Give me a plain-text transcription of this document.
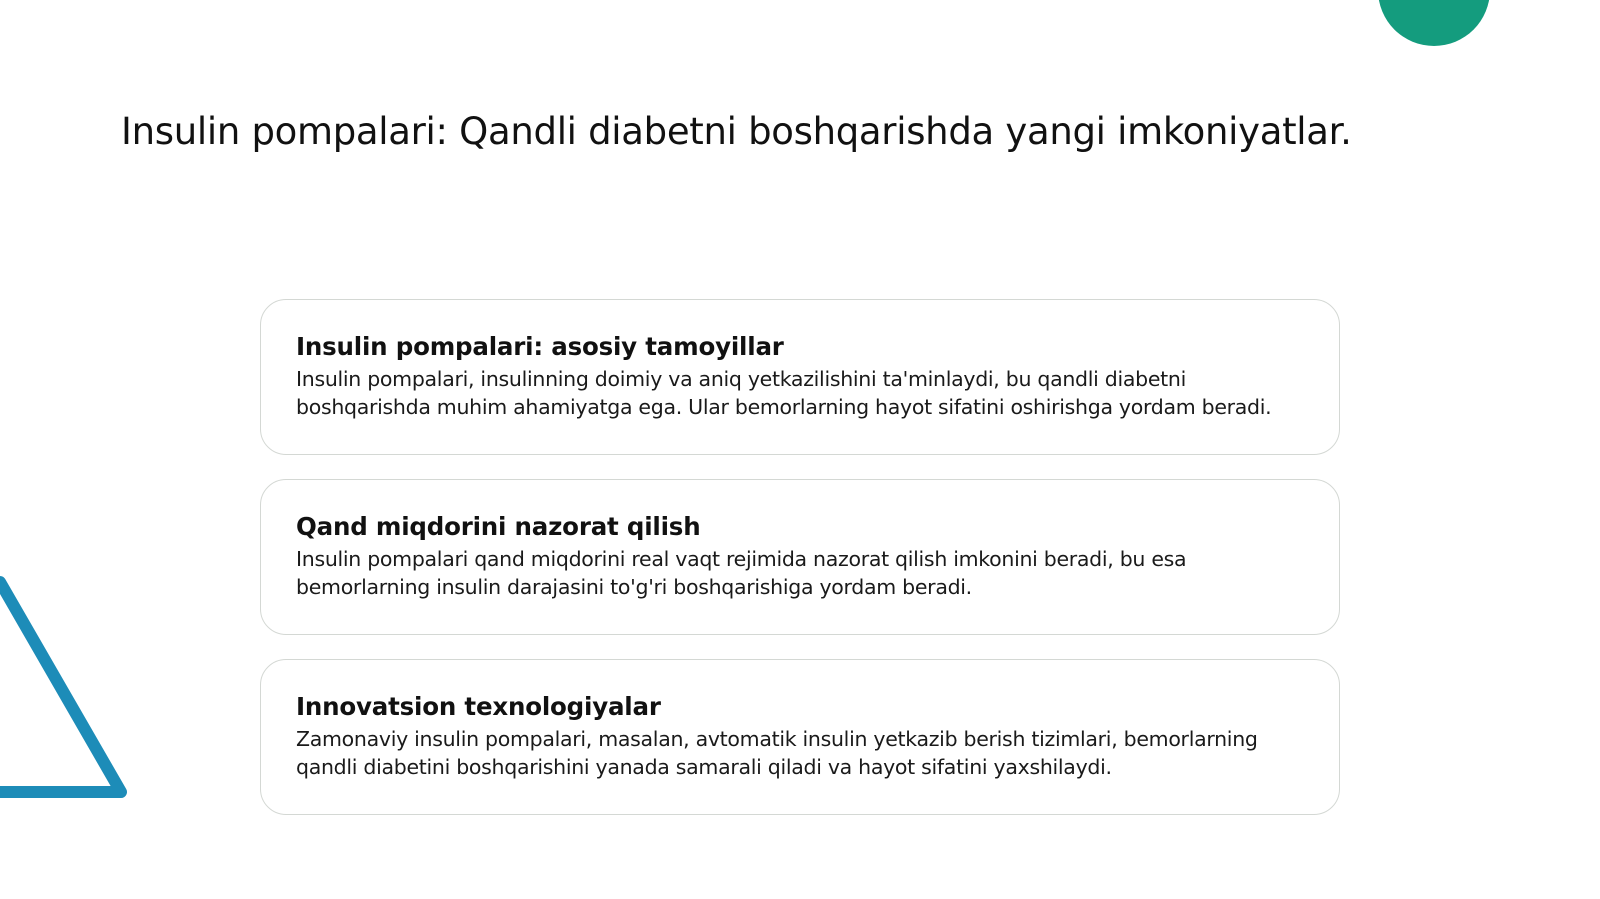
Insulin pompalari: Qandli diabetni boshqarishda yangi imkoniyatlar.
Insulin pompalari: asosiy tamoyillar

Insulin pompalari, insulinning doimiy va aniq yetkazilishini ta'minlaydi, bu qandli diabetni boshqarishda muhim ahamiyatga ega. Ular bemorlarning hayot sifatini oshirishga yordam beradi.

Qand miqdorini nazorat qilish

Insulin pompalari qand miqdorini real vaqt rejimida nazorat qilish imkonini beradi, bu esa bemorlarning insulin darajasini to'g'ri boshqarishiga yordam beradi.

Innovatsion texnologiyalar

Zamonaviy insulin pompalari, masalan, avtomatik insulin yetkazib berish tizimlari, bemorlarning qandli diabetini boshqarishini yanada samarali qiladi va hayot sifatini yaxshilaydi.
